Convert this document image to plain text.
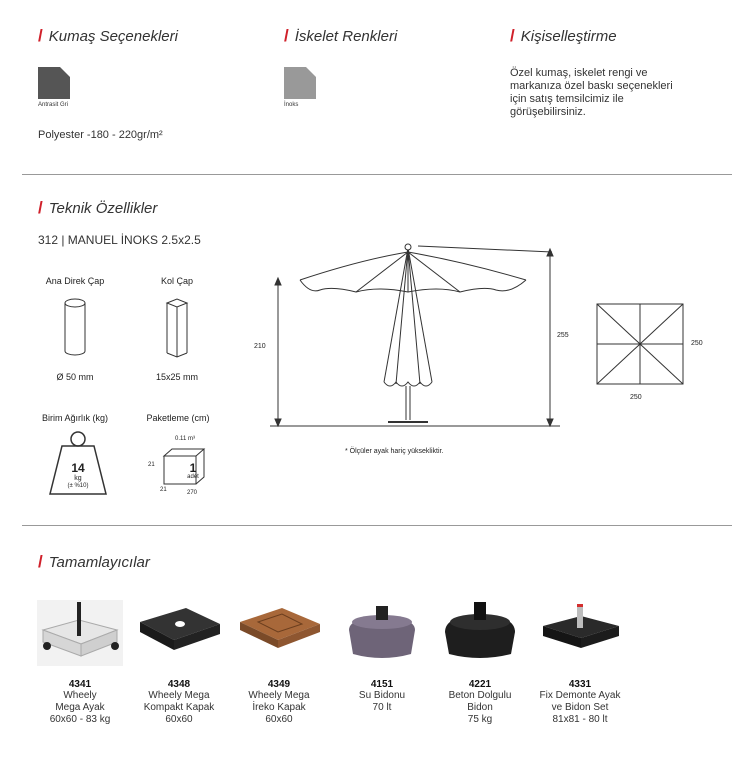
/ Kumaş Seçenekleri	/ İskelet Renkleri	/ Kişiselleştirme
Antrasit Gri
Polyester -180 - 220gr/m²
İnoks
Özel kumaş, iskelet rengi ve
markanıza özel baskı seçenekleri
için satış temsilcimiz ile
görüşebilirsiniz.
/ Teknik Özellikler
312 | MANUEL İNOKS 2.5x2.5
Ana Direk Çap
Ø 50 mm
Kol Çap
15x25 mm
Birim Ağırlık (kg)
14
kg
(± %10)
Paketleme (cm)
0.11 m³
1
adet
21
21	270
210
255
* Ölçüler ayak hariç yüksekliktir.
250
250
/ Tamamlayıcılar
4341
Wheely
Mega Ayak
60x60 - 83 kg
4348
Wheely Mega
Kompakt Kapak
60x60
4349
Wheely Mega
İreko Kapak
60x60
4151
Su Bidonu
70 lt
4221
Beton Dolgulu
Bidon
75 kg
4331
Fix Demonte Ayak
ve Bidon Set
81x81 - 80 lt
